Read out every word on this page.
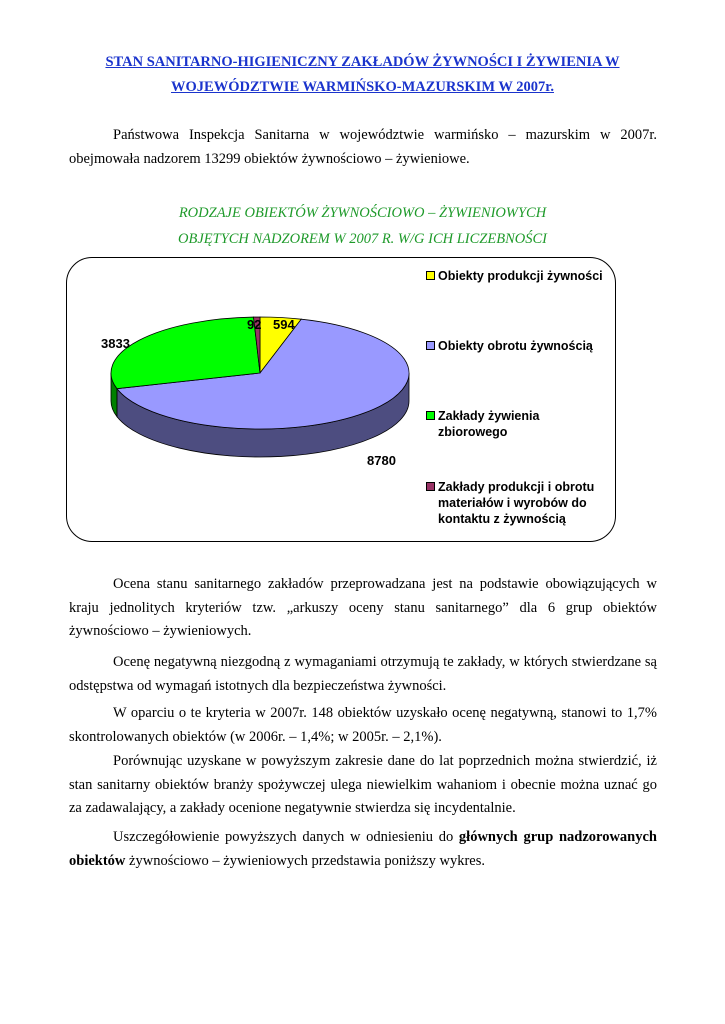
STAN SANITARNO-HIGIENICZNY ZAKŁADÓW ŻYWNOŚCI I ŻYWIENIA W
WOJEWÓDZTWIE WARMIŃSKO-MAZURSKIM W 2007r.
Państwowa Inspekcja Sanitarna w województwie warmińsko – mazurskim w 2007r. obejmowała nadzorem 13299 obiektów żywnościowo – żywieniowe.
RODZAJE OBIEKTÓW ŻYWNOŚCIOWO – ŻYWIENIOWYCH
OBJĘTYCH NADZOREM W 2007 R. W/G ICH LICZEBNOŚCI
594
92
3833
8780
Obiekty produkcji żywności
Obiekty obrotu żywnością
Zakłady żywienia
zbiorowego
Zakłady produkcji i obrotu
materiałów i wyrobów do
kontaktu z żywnością
Ocena stanu sanitarnego zakładów przeprowadzana jest na podstawie obowiązujących w kraju jednolitych kryteriów tzw. „arkuszy oceny stanu sanitarnego” dla 6 grup obiektów żywnościowo – żywieniowych.
Ocenę negatywną niezgodną z wymaganiami otrzymują te zakłady, w których stwierdzane są odstępstwa od wymagań istotnych dla bezpieczeństwa żywności.
W oparciu o te kryteria w 2007r. 148 obiektów uzyskało ocenę negatywną, stanowi to 1,7% skontrolowanych obiektów (w 2006r. – 1,4%; w 2005r. – 2,1%).
Porównując uzyskane w powyższym zakresie dane do lat poprzednich można stwierdzić, iż stan sanitarny obiektów branży spożywczej ulega niewielkim wahaniom i obecnie można uznać go za zadawalający, a zakłady ocenione negatywnie stwierdza się incydentalnie.
Uszczegółowienie powyższych danych w odniesieniu do głównych grup nadzorowanych obiektów żywnościowo – żywieniowych przedstawia poniższy wykres.
